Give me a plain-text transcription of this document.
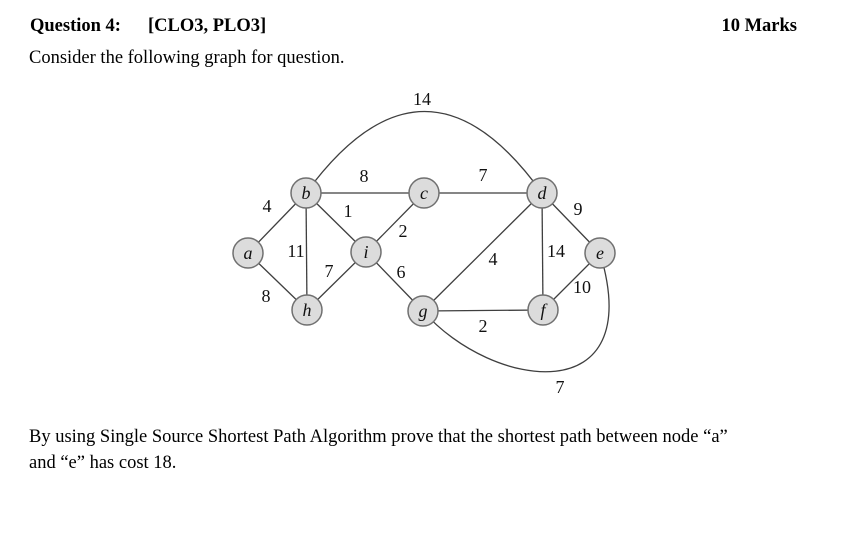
Question 4: [CLO3, PLO3]	10 Marks
Consider the following graph for question.
a
b	c	d
e
f
g
h
i
4
8
8
1
11
14
7
2
9
14
4
10
7
2
6
7
By using Single Source Shortest Path Algorithm prove that the shortest path between node “a”
and “e” has cost 18.
